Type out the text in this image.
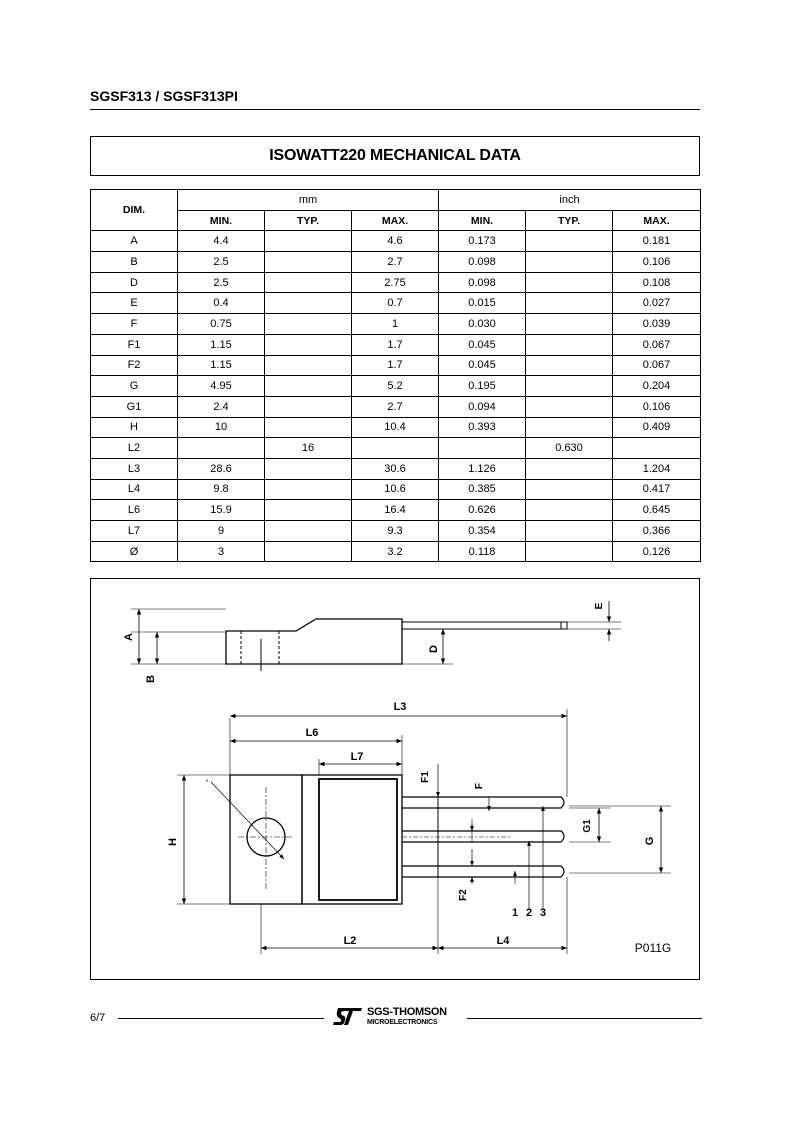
SGSF313 / SGSF313PI
ISOWATT220 MECHANICAL DATA
DIM.	mm			inch		
	MIN.	TYP.	MAX.	MIN.	TYP.	MAX.
A	4.4		4.6	0.173		0.181
B	2.5		2.7	0.098		0.106
D	2.5		2.75	0.098		0.108
E	0.4		0.7	0.015		0.027
F	0.75		1	0.030		0.039
F1	1.15		1.7	0.045		0.067
F2	1.15		1.7	0.045		0.067
G	4.95		5.2	0.195		0.204
G1	2.4		2.7	0.094		0.106
H	10		10.4	0.393		0.409
L2		16			0.630	
L3	28.6		30.6	1.126		1.204
L4	9.8		10.6	0.385		0.417
L6	15.9		16.4	0.626		0.645
L7	9		9.3	0.354		0.366
Ø	3		3.2	0.118		0.126
A
B
D
E
L3
L6
L7
F1
F
F2
G1
G
H
'
L2	L4
1 2 3
P011G
6/7	SGS-THOMSON
MICROELECTRONICS
